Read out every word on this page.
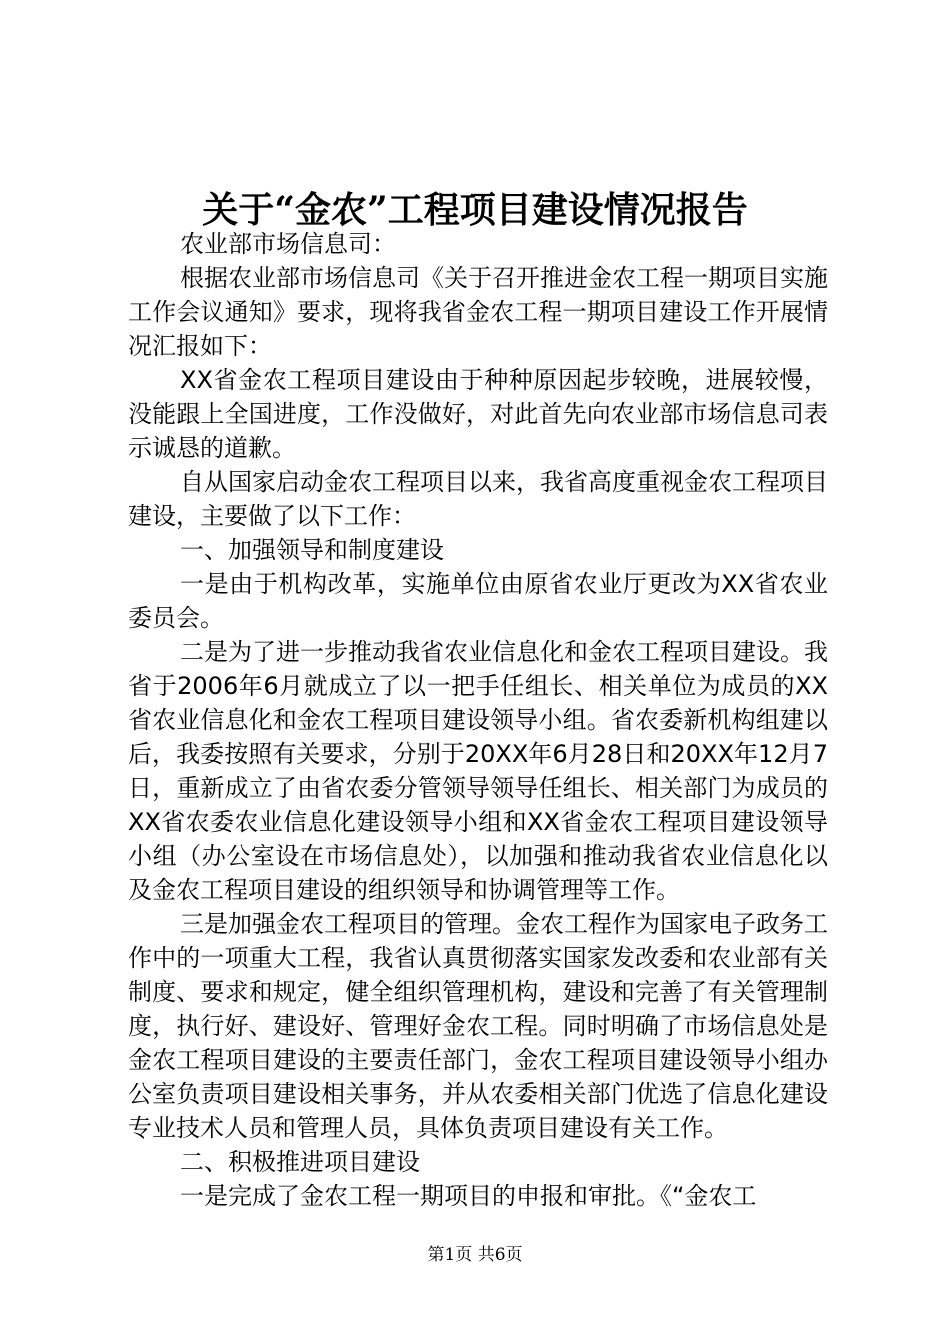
关于“金农”工程项目建设情况报告

农业部市场信息司：

根据农业部市场信息司《关于召开推进金农工程一期项目实施工作会议通知》要求，现将我省金农工程一期项目建设工作开展情况汇报如下：

XX省金农工程项目建设由于种种原因起步较晚，进展较慢，没能跟上全国进度，工作没做好，对此首先向农业部市场信息司表示诚恳的道歉。

自从国家启动金农工程项目以来，我省高度重视金农工程项目建设，主要做了以下工作：

一、加强领导和制度建设

一是由于机构改革，实施单位由原省农业厅更改为XX省农业委员会。

二是为了进一步推动我省农业信息化和金农工程项目建设。我省于2006年6月就成立了以一把手任组长、相关单位为成员的XX省农业信息化和金农工程项目建设领导小组。省农委新机构组建以后，我委按照有关要求，分别于20XX年6月28日和20XX年12月7日，重新成立了由省农委分管领导领导任组长、相关部门为成员的XX省农委农业信息化建设领导小组和XX省金农工程项目建设领导小组（办公室设在市场信息处），以加强和推动我省农业信息化以及金农工程项目建设的组织领导和协调管理等工作。

三是加强金农工程项目的管理。金农工程作为国家电子政务工作中的一项重大工程，我省认真贯彻落实国家发改委和农业部有关制度、要求和规定，健全组织管理机构，建设和完善了有关管理制度，执行好、建设好、管理好金农工程。同时明确了市场信息处是金农工程项目建设的主要责任部门，金农工程项目建设领导小组办公室负责项目建设相关事务，并从农委相关部门优选了信息化建设专业技术人员和管理人员，具体负责项目建设有关工作。

二、积极推进项目建设

一是完成了金农工程一期项目的申报和审批。《“金农工

第1页 共6页
